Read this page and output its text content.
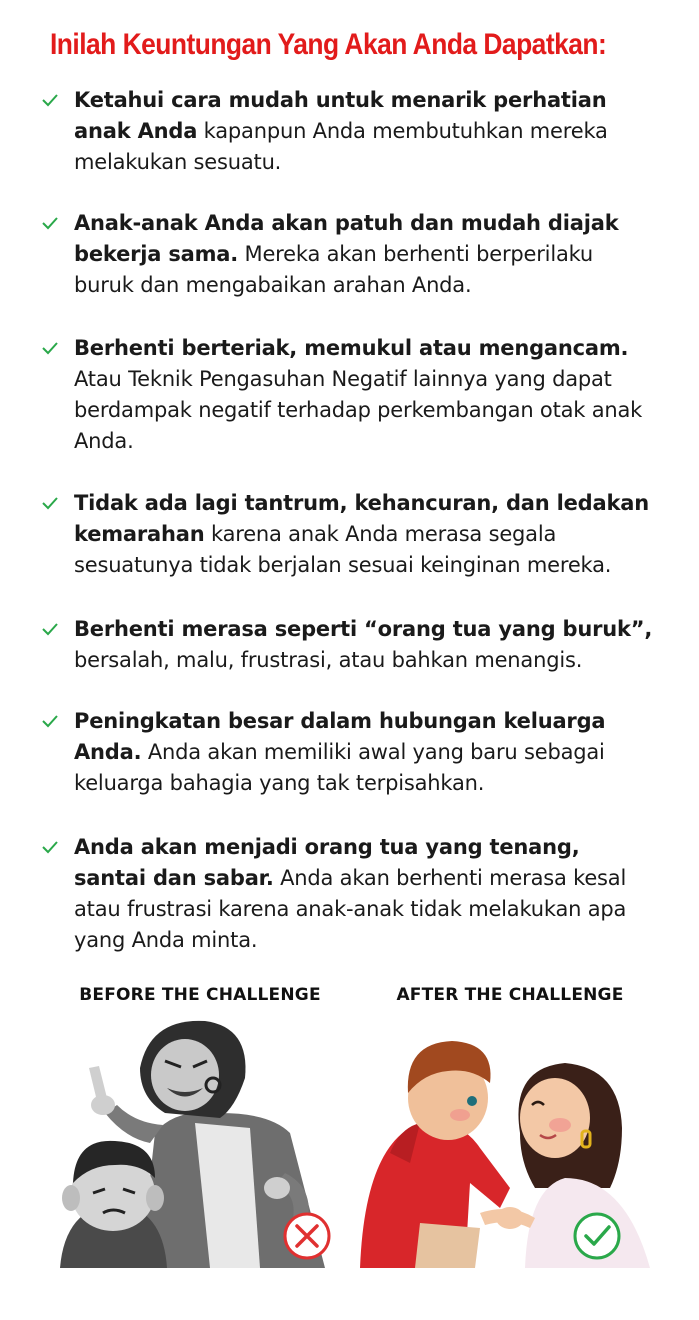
Inilah Keuntungan Yang Akan Anda Dapatkan:
Ketahui cara mudah untuk menarik perhatian anak Anda kapanpun Anda membutuhkan mereka melakukan sesuatu.
Anak-anak Anda akan patuh dan mudah diajak bekerja sama. Mereka akan berhenti berperilaku buruk dan mengabaikan arahan Anda.
Berhenti berteriak, memukul atau mengancam. Atau Teknik Pengasuhan Negatif lainnya yang dapat berdampak negatif terhadap perkembangan otak anak Anda.
Tidak ada lagi tantrum, kehancuran, dan ledakan kemarahan karena anak Anda merasa segala sesuatunya tidak berjalan sesuai keinginan mereka.
Berhenti merasa seperti “orang tua yang buruk”, bersalah, malu, frustrasi, atau bahkan menangis.
Peningkatan besar dalam hubungan keluarga Anda. Anda akan memiliki awal yang baru sebagai keluarga bahagia yang tak terpisahkan.
Anda akan menjadi orang tua yang tenang, santai dan sabar. Anda akan berhenti merasa kesal atau frustrasi karena anak-anak tidak melakukan apa yang Anda minta.
BEFORE THE CHALLENGE	AFTER THE CHALLENGE
